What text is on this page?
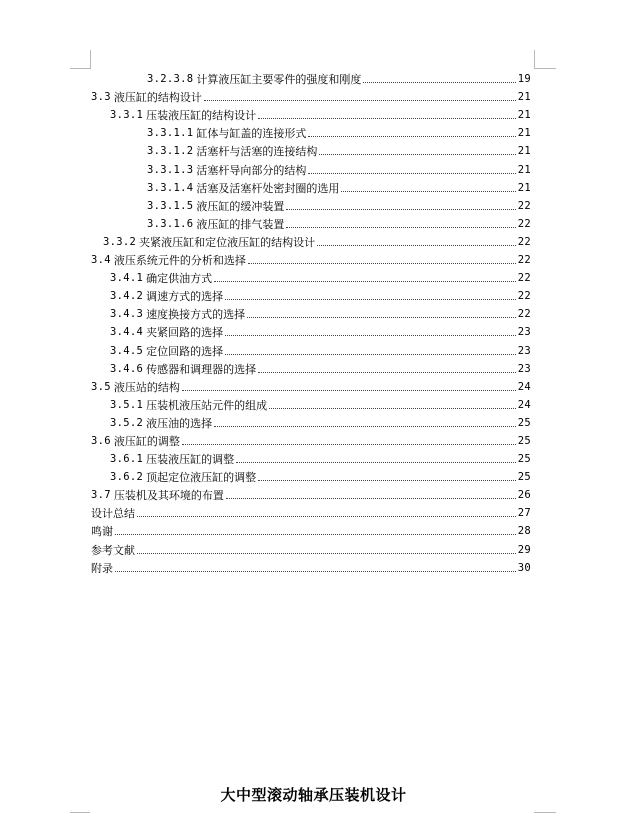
3.2.3.8 计算液压缸主要零件的强度和刚度	19
3.3 液压缸的结构设计	21
3.3.1 压装液压缸的结构设计	21
3.3.1.1 缸体与缸盖的连接形式	21
3.3.1.2 活塞杆与活塞的连接结构	21
3.3.1.3 活塞杆导向部分的结构	21
3.3.1.4 活塞及活塞杆处密封圈的选用	21
3.3.1.5 液压缸的缓冲装置	22
3.3.1.6 液压缸的排气装置	22
3.3.2 夹紧液压缸和定位液压缸的结构设计	22
3.4 液压系统元件的分析和选择	22
3.4.1 确定供油方式	22
3.4.2 调速方式的选择	22
3.4.3 速度换接方式的选择	22
3.4.4 夹紧回路的选择	23
3.4.5 定位回路的选择	23
3.4.6 传感器和调理器的选择	23
3.5 液压站的结构	24
3.5.1 压装机液压站元件的组成	24
3.5.2 液压油的选择	25
3.6 液压缸的调整	25
3.6.1 压装液压缸的调整	25
3.6.2 顶起定位液压缸的调整	25
3.7 压装机及其环境的布置	26
设计总结	27
鸣谢	28
参考文献	29
附录	30
大中型滚动轴承压装机设计
